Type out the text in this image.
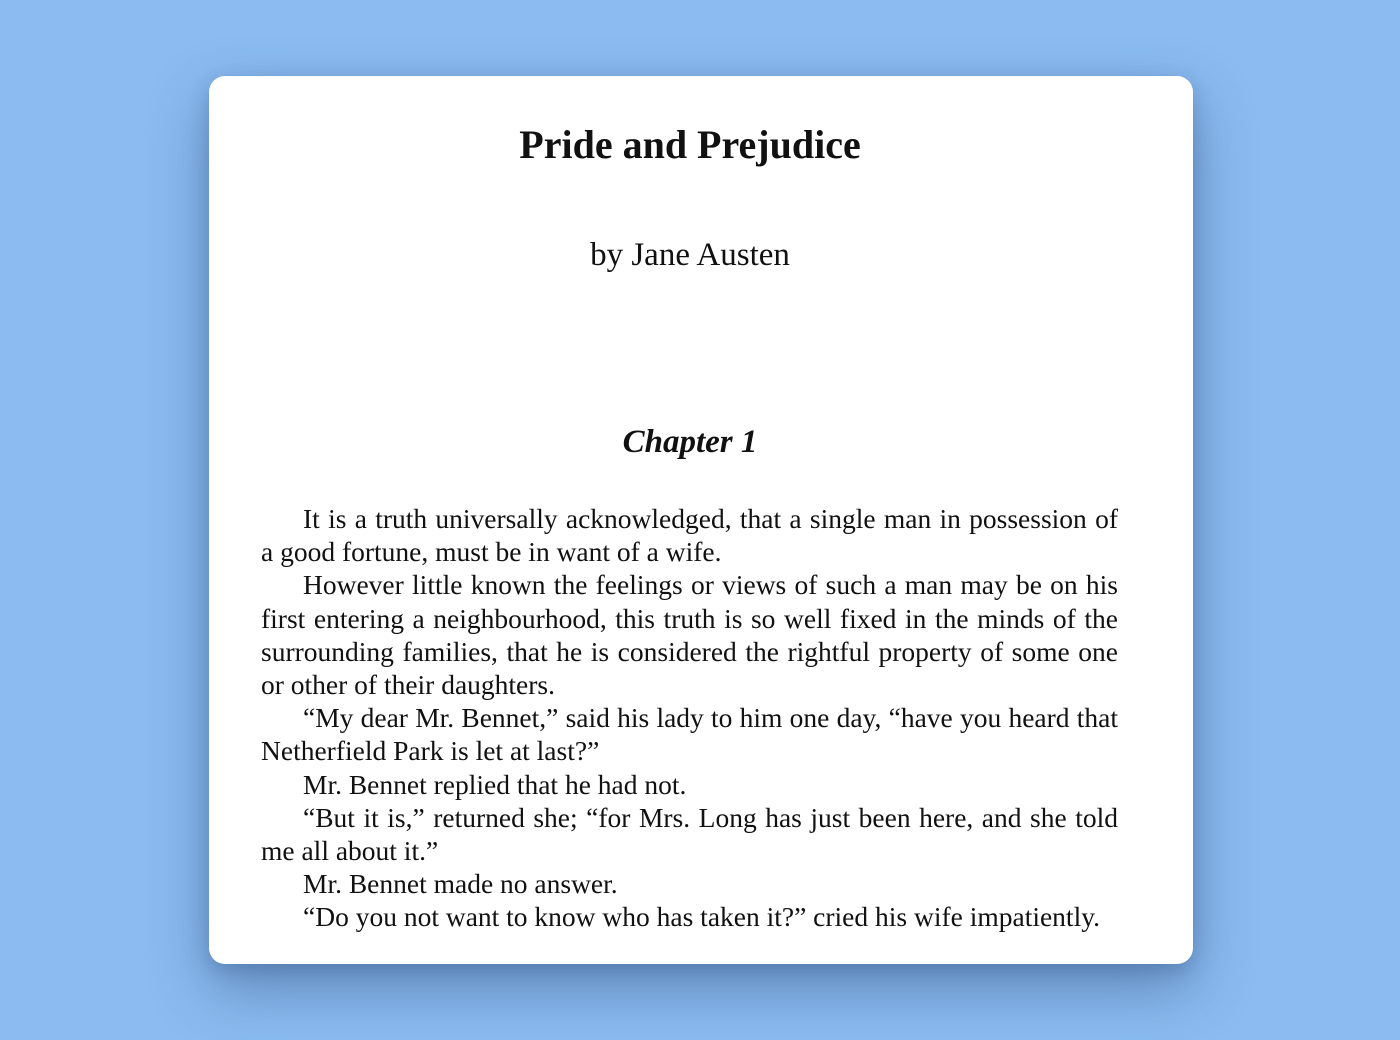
Pride and Prejudice
by Jane Austen
Chapter 1

It is a truth universally acknowledged, that a single man in possession of a good fortune, must be in want of a wife.

However little known the feelings or views of such a man may be on his first entering a neighbourhood, this truth is so well fixed in the minds of the surrounding families, that he is considered the rightful property of some one or other of their daughters.

“My dear Mr. Bennet,” said his lady to him one day, “have you heard that Netherfield Park is let at last?”

Mr. Bennet replied that he had not.

“But it is,” returned she; “for Mrs. Long has just been here, and she told me all about it.”

Mr. Bennet made no answer.

“Do you not want to know who has taken it?” cried his wife impatiently.
